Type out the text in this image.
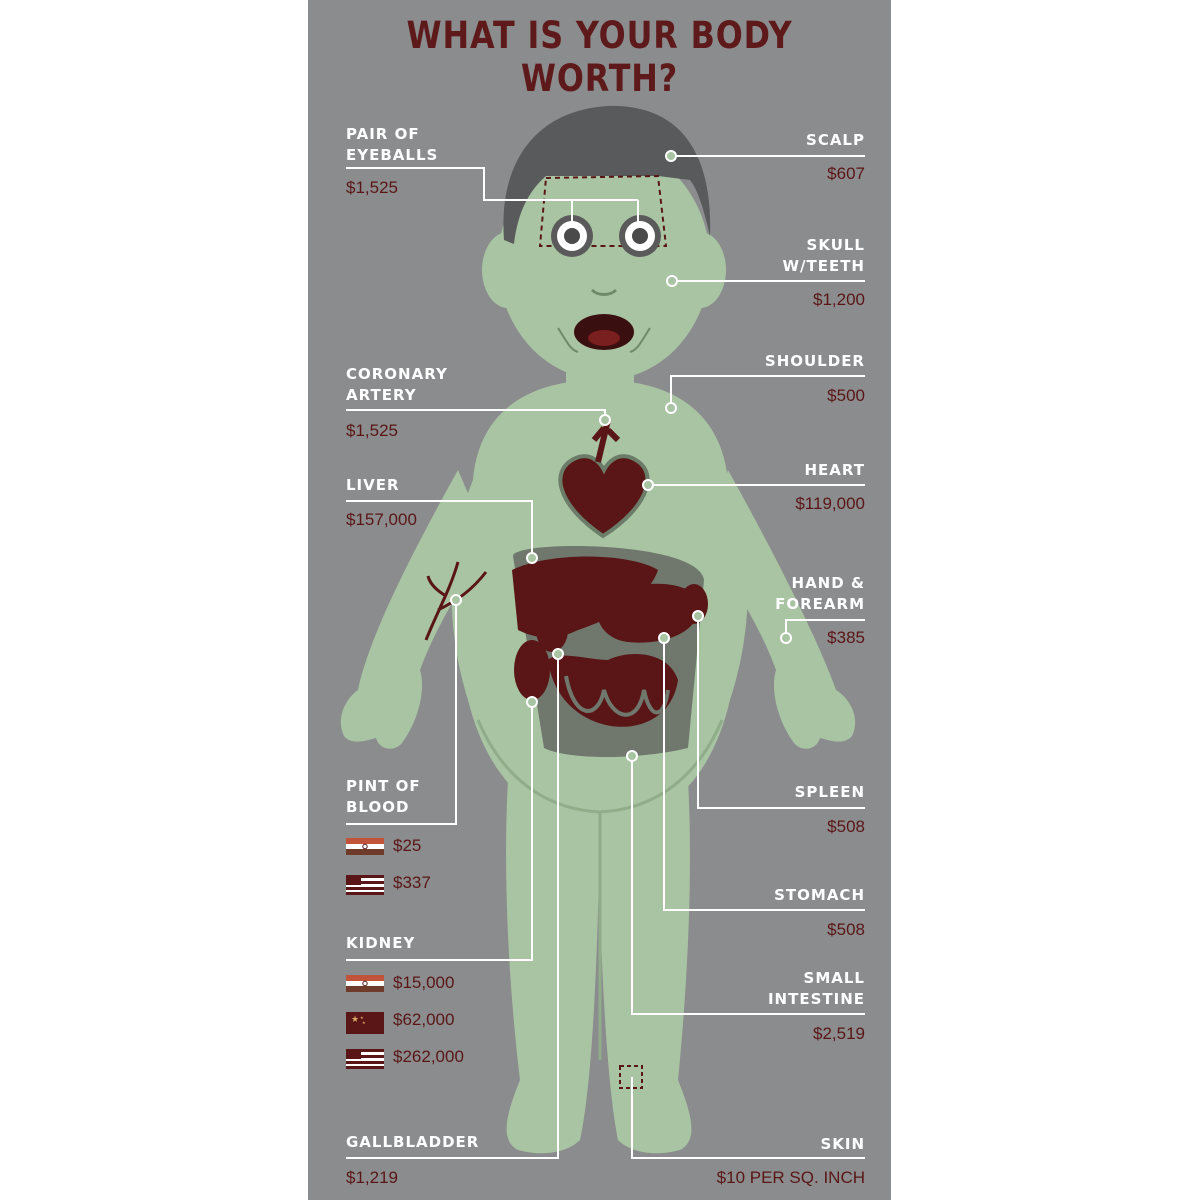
WHAT IS YOUR BODY WORTH?
PAIR OF
EYEBALLS
$1,525
CORONARY
ARTERY
$1,525
LIVER
$157,000
PINT OF
BLOOD
$25
$337
KIDNEY
$15,000
★ ★
★ $62,000
$262,000
GALLBLADDER
$1,219
SCALP
$607
SKULL
W/TEETH
$1,200
SHOULDER
$500
HEART
$119,000
HAND &
FOREARM
$385
SPLEEN
$508
STOMACH
$508
SMALL
INTESTINE
$2,519
SKIN
$10 PER SQ. INCH
